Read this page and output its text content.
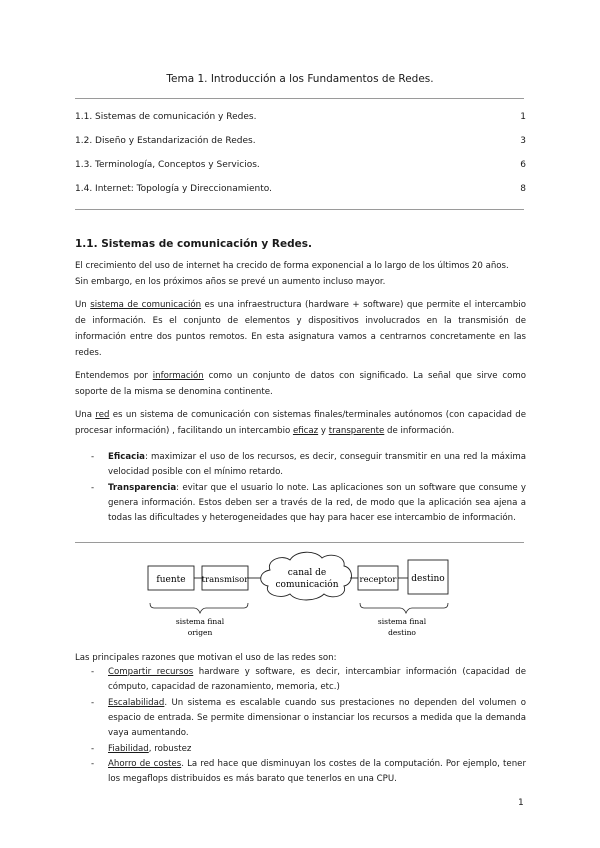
Tema 1. Introducción a los Fundamentos de Redes.
1.1. Sistemas de comunicación y Redes.	1
1.2. Diseño y Estandarización de Redes.	3
1.3. Terminología, Conceptos y Servicios.	6
1.4. Internet: Topología y Direccionamiento.	8
1.1. Sistemas de comunicación y Redes.
El crecimiento del uso de internet ha crecido de forma exponencial a lo largo de los últimos 20 años.
Sin embargo, en los próximos años se prevé un aumento incluso mayor.
Un sistema de comunicación es una infraestructura (hardware + software) que permite el intercambio de información. Es el conjunto de elementos y dispositivos involucrados en la transmisión de información entre dos puntos remotos. En esta asignatura vamos a centrarnos concretamente en las redes.
Entendemos por información como un conjunto de datos con significado. La señal que sirve como soporte de la misma se denomina continente.
Una red es un sistema de comunicación con sistemas finales/terminales autónomos (con capacidad de procesar información) , facilitando un intercambio eficaz y transparente de información.
- Eficacia: maximizar el uso de los recursos, es decir, conseguir transmitir en una red la máxima velocidad posible con el mínimo retardo.
- Transparencia: evitar que el usuario lo note. Las aplicaciones son un software que consume y genera información. Estos deben ser a través de la red, de modo que la aplicación sea ajena a todas las dificultades y heterogeneidades que hay para hacer ese intercambio de información.
fuente transmisor
canal de
comunicación receptor destino
sistema final
origen
sistema final
destino
Las principales razones que motivan el uso de las redes son:
- Compartir recursos hardware y software, es decir, intercambiar información (capacidad de cómputo, capacidad de razonamiento, memoria, etc.)
- Escalabilidad. Un sistema es escalable cuando sus prestaciones no dependen del volumen o espacio de entrada. Se permite dimensionar o instanciar los recursos a medida que la demanda vaya aumentando.
- Fiabilidad, robustez
- Ahorro de costes. La red hace que disminuyan los costes de la computación. Por ejemplo, tener los megaflops distribuidos es más barato que tenerlos en una CPU.
1
